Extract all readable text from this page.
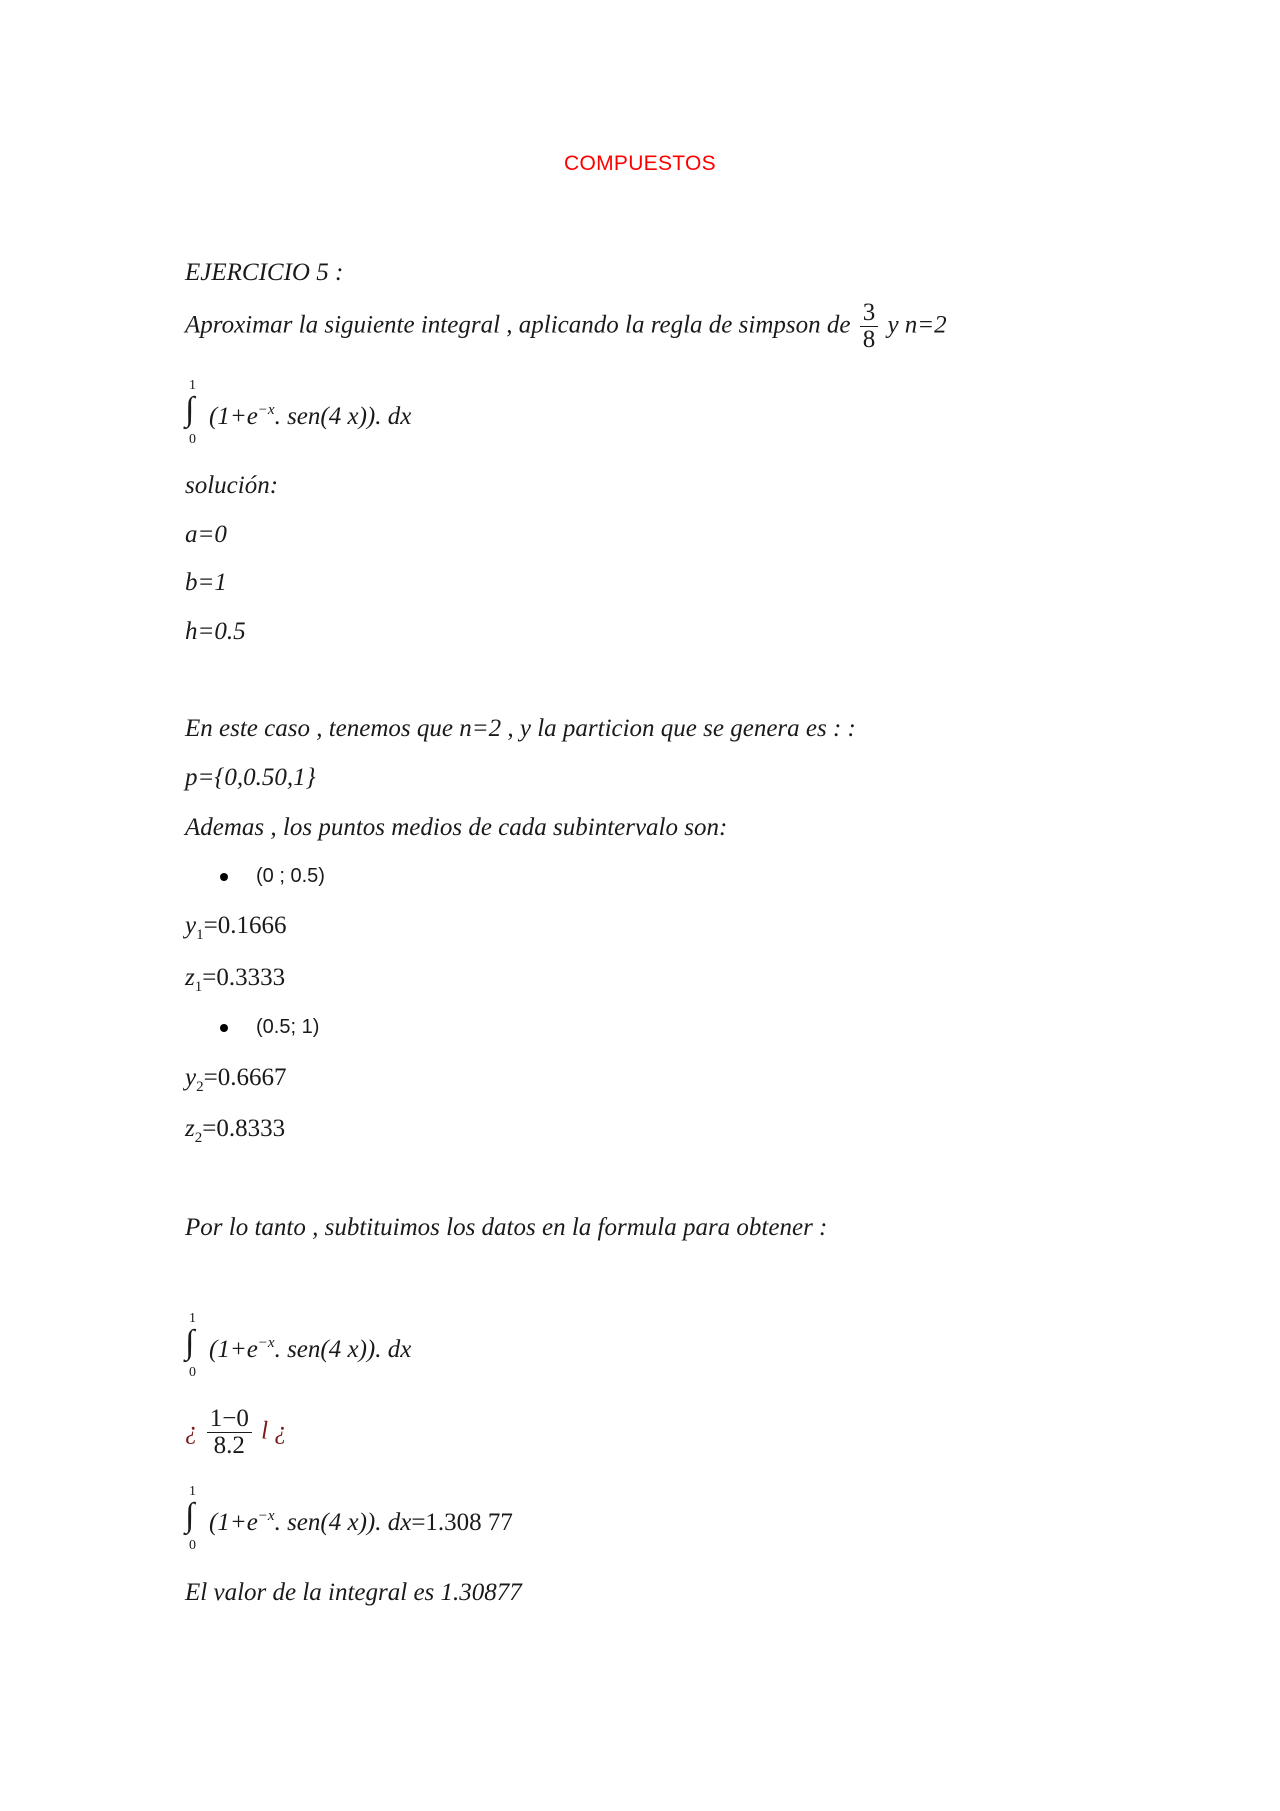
COMPUESTOS
EJERCICIO 5 :
Aproximar la siguiente integral , aplicando la regla de simpson de $\frac{3}{8}$ y n=2
1
∫
0
($1+e^{-x}$. sen(4 x)). dx
solución:
a=0
b=1
h=0.5
En este caso , tenemos que n=2 , y la particion que se genera es : :
p={0,0.50,1}
Ademas , los puntos medios de cada subintervalo son:
(0 ; 0.5)
$y_1=0.1666$
$z_1=0.3333$
(0.5; 1)
$y_2=0.6667$
$z_2=0.8333$
Por lo tanto , subtituimos los datos en la formula para obtener :
1
∫
0
($1+e^{-x}$. sen(4 x)). dx
¿ $\frac{1-0}{8.2}$ l ¿
1
∫
0
($1+e^{-x}$. sen(4 x)). dx=1.308 77
El valor de la integral es 1.30877
